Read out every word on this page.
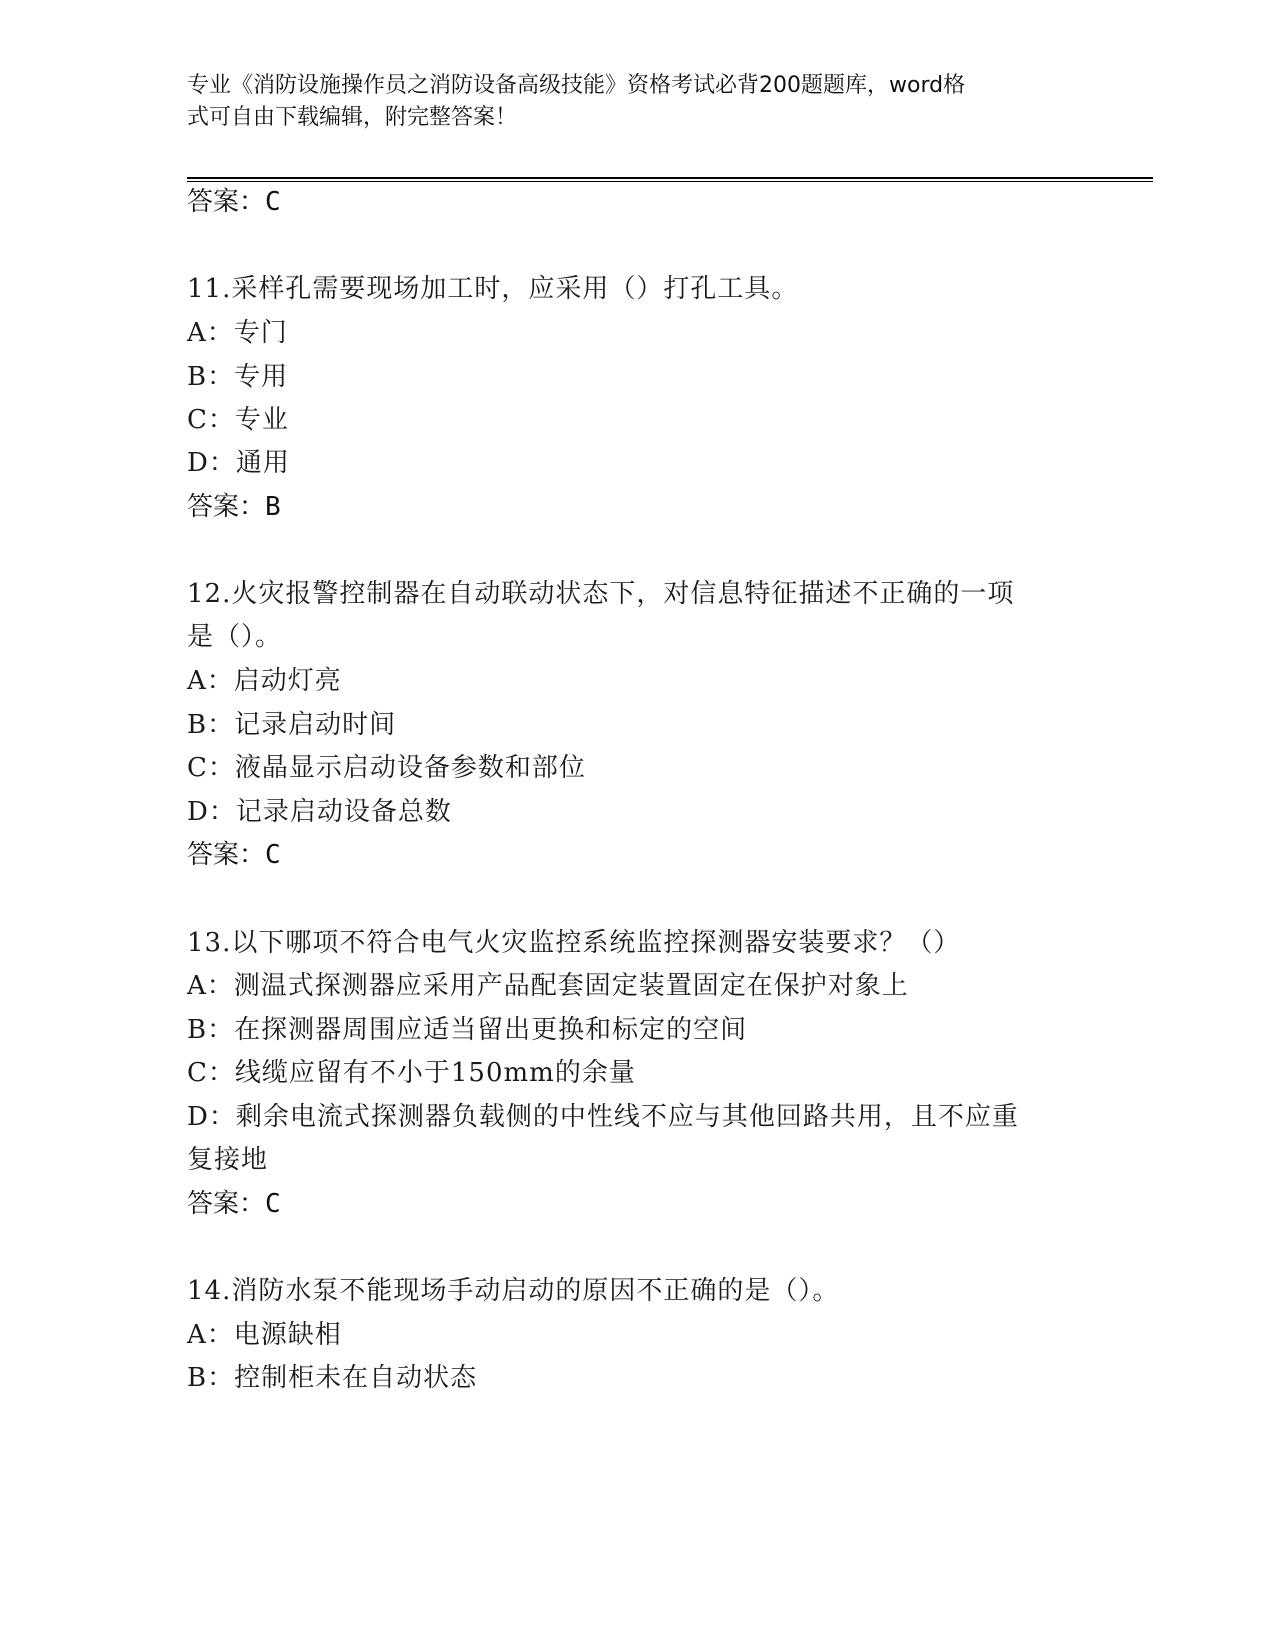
专业《消防设施操作员之消防设备高级技能》资格考试必背200题题库，word格
式可自由下载编辑，附完整答案！
答案：C
11.采样孔需要现场加工时，应采用（）打孔工具。
A：专门
B：专用
C：专业
D：通用
答案：B
12.火灾报警控制器在自动联动状态下，对信息特征描述不正确的一项
是（）。
A：启动灯亮
B：记录启动时间
C：液晶显示启动设备参数和部位
D：记录启动设备总数
答案：C
13.以下哪项不符合电气火灾监控系统监控探测器安装要求？（）
A：测温式探测器应采用产品配套固定装置固定在保护对象上
B：在探测器周围应适当留出更换和标定的空间
C：线缆应留有不小于150mm的余量
D：剩余电流式探测器负载侧的中性线不应与其他回路共用，且不应重
复接地
答案：C
14.消防水泵不能现场手动启动的原因不正确的是（）。
A：电源缺相
B：控制柜未在自动状态
